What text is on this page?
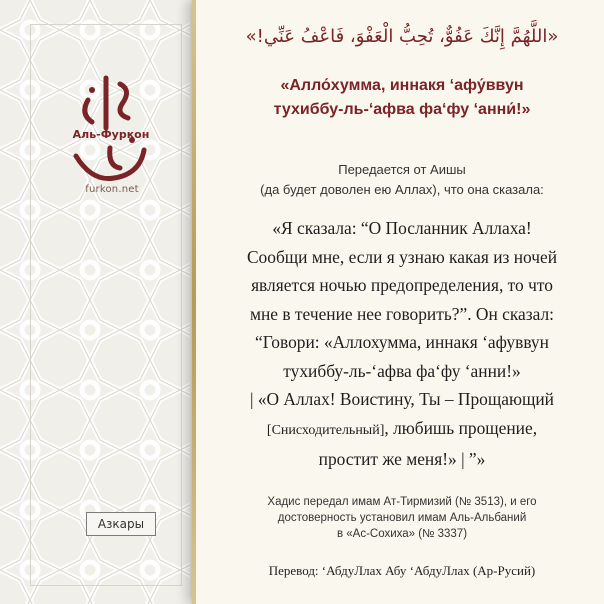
Аль-Фуркон
furkon.net
Азкары
«اللَّهُمَّ إِنَّكَ عَفُوٌّ، تُحِبُّ الْعَفْوَ، فَاعْفُ عَنِّي!»
«Алло́хумма, иннакя ʻафу́ввун
тухиббу-ль-ʻафва фаʻфу ʻанни́!»
Передается от Аишы
(да будет доволен ею Аллах), что она сказала:
«Я сказала: “О Посланник Аллаха!
Сообщи мне, если я узнаю какая из ночей
является ночью предопределения, то что
мне в течение нее говорить?”. Он сказал:
“Говори: «Аллохумма, иннакя ʻафуввун
тухиббу-ль-ʻафва фаʻфу ʻанни!»
| «О Аллах! Воистину, Ты – Прощающий
[Снисходительный], любишь прощение,
простит же меня!» | ”»
Хадис передал имам Ат-Тирмизий (№ 3513), и его
достоверность установил имам Аль-Альбаний
в «Ас-Сохиха» (№ 3337)
Перевод: ʻАбдуЛлах Абу ʻАбдуЛлах (Ар-Русий)
